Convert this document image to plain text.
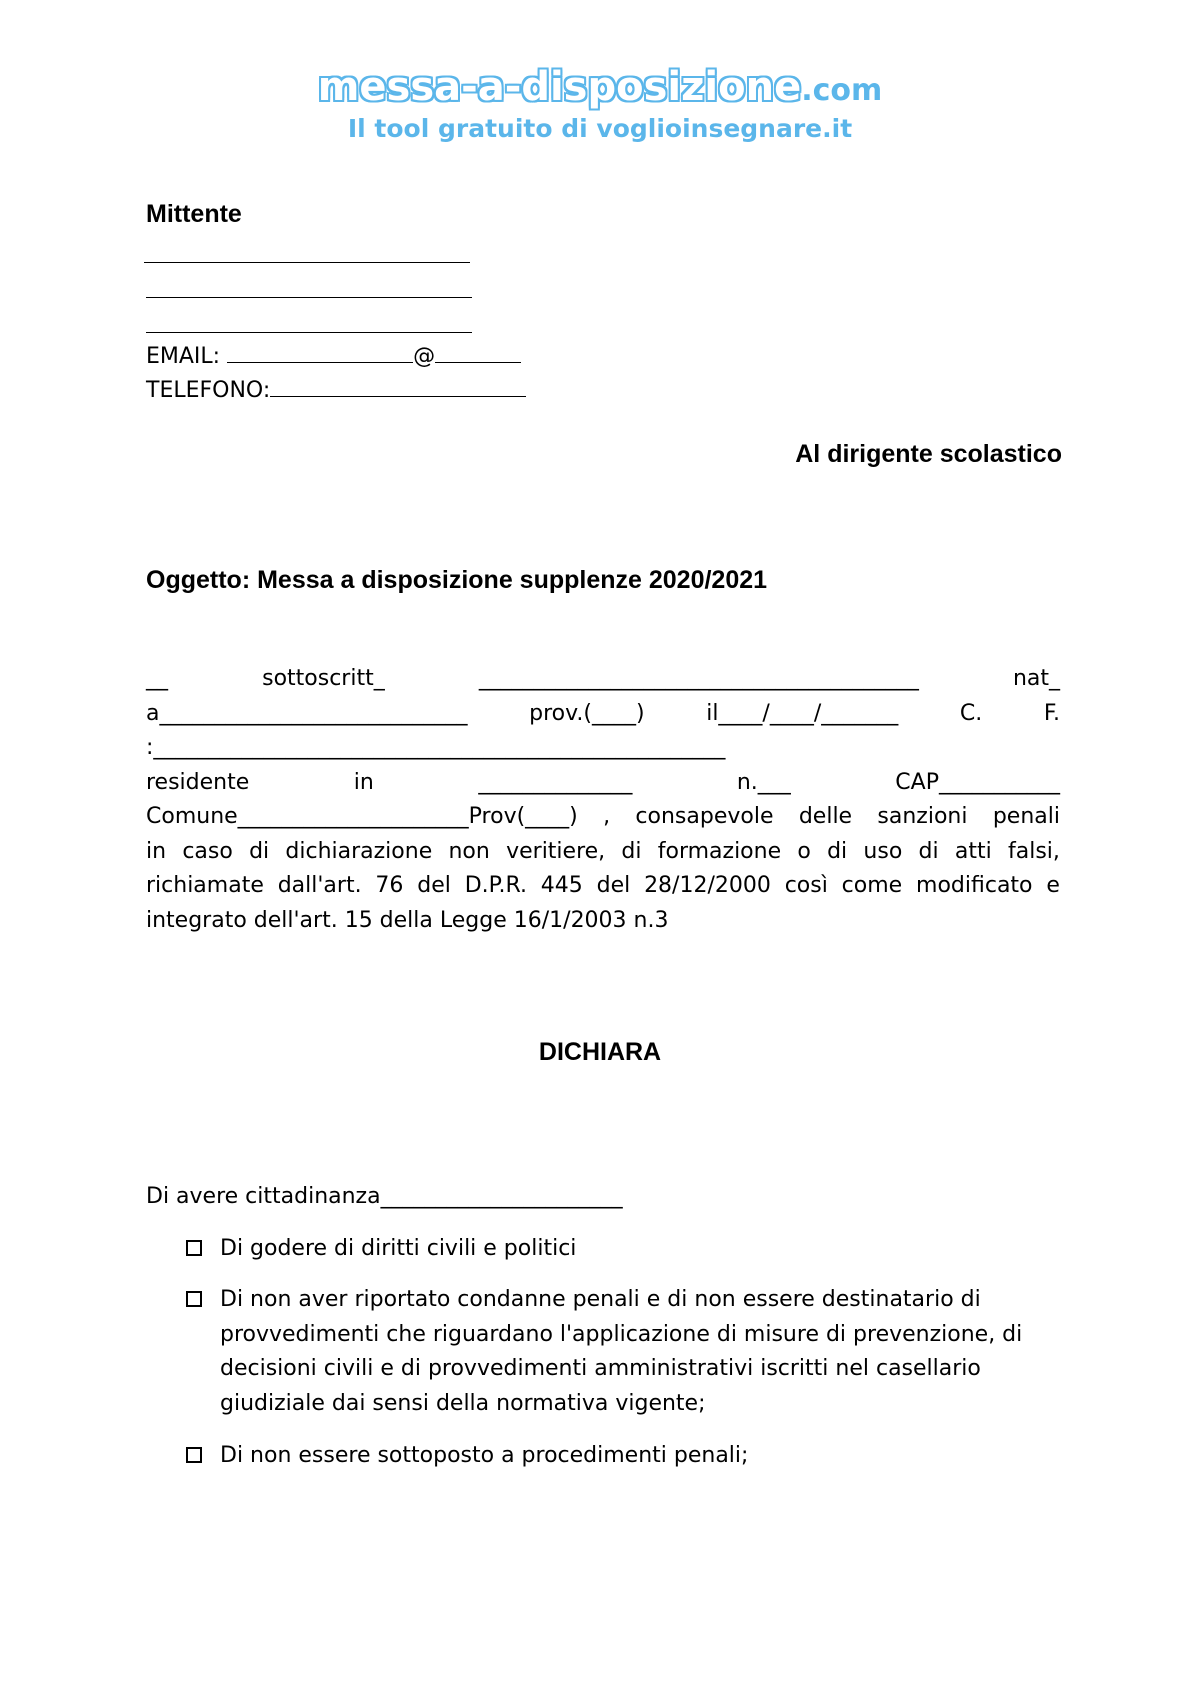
messa-a-disposizione.com
Il tool gratuito di voglioinsegnare.it
Mittente
EMAIL:	@
TELEFONO:
Al dirigente scolastico
Oggetto: Messa a disposizione supplenze 2020/2021
__	sottoscritt_	________________________________________	nat_
a____________________________	prov.(____)	il____/____/_______	C.	F.
:____________________________________________________
residente	in	______________	n.___	CAP___________
Comune_____________________Prov(____) , consapevole delle sanzioni penali
in caso di dichiarazione non veritiere, di formazione o di uso di atti falsi,
richiamate dall'art. 76 del D.P.R. 445 del 28/12/2000 così come modificato e
integrato dell'art. 15 della Legge 16/1/2003 n.3
DICHIARA
Di avere cittadinanza______________________
Di godere di diritti civili e politici
Di non aver riportato condanne penali e di non essere destinatario di provvedimenti che riguardano l'applicazione di misure di prevenzione, di decisioni civili e di provvedimenti amministrativi iscritti nel casellario giudiziale dai sensi della normativa vigente;
Di non essere sottoposto a procedimenti penali;
